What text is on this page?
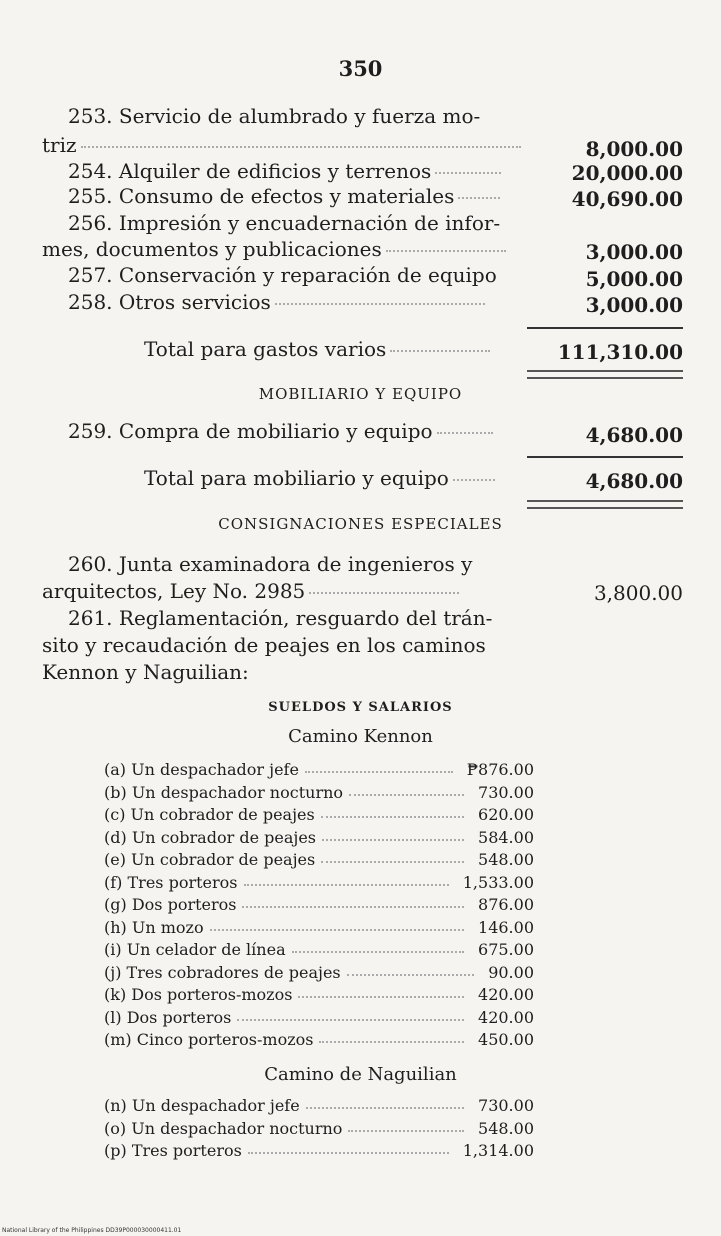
350
253. Servicio de alumbrado y fuerza mo-
triz	8,000.00
254. Alquiler de edificios y terrenos	20,000.00
255. Consumo de efectos y materiales	40,690.00
256. Impresión y encuadernación de infor-
mes, documentos y publicaciones	3,000.00
257. Conservación y reparación de equipo	5,000.00
258. Otros servicios	3,000.00
Total para gastos varios	111,310.00
MOBILIARIO Y EQUIPO
259. Compra de mobiliario y equipo	4,680.00
Total para mobiliario y equipo	4,680.00
CONSIGNACIONES ESPECIALES
260. Junta examinadora de ingenieros y
arquitectos, Ley No. 2985	3,800.00
261. Reglamentación, resguardo del trán-
sito y recaudación de peajes en los caminos
Kennon y Naguilian:
SUELDOS Y SALARIOS
Camino Kennon
(a) Un despachador jefe	₱876.00
(b) Un despachador nocturno	730.00
(c) Un cobrador de peajes	620.00
(d) Un cobrador de peajes	584.00
(e) Un cobrador de peajes	548.00
(f) Tres porteros	1,533.00
(g) Dos porteros	876.00
(h) Un mozo	146.00
(i) Un celador de línea	675.00
(j) Tres cobradores de peajes	90.00
(k) Dos porteros-mozos	420.00
(l) Dos porteros	420.00
(m) Cinco porteros-mozos	450.00
Camino de Naguilian
(n) Un despachador jefe	730.00
(o) Un despachador nocturno	548.00
(p) Tres porteros	1,314.00
National Library of the Philippines DD39P000030000411.01
